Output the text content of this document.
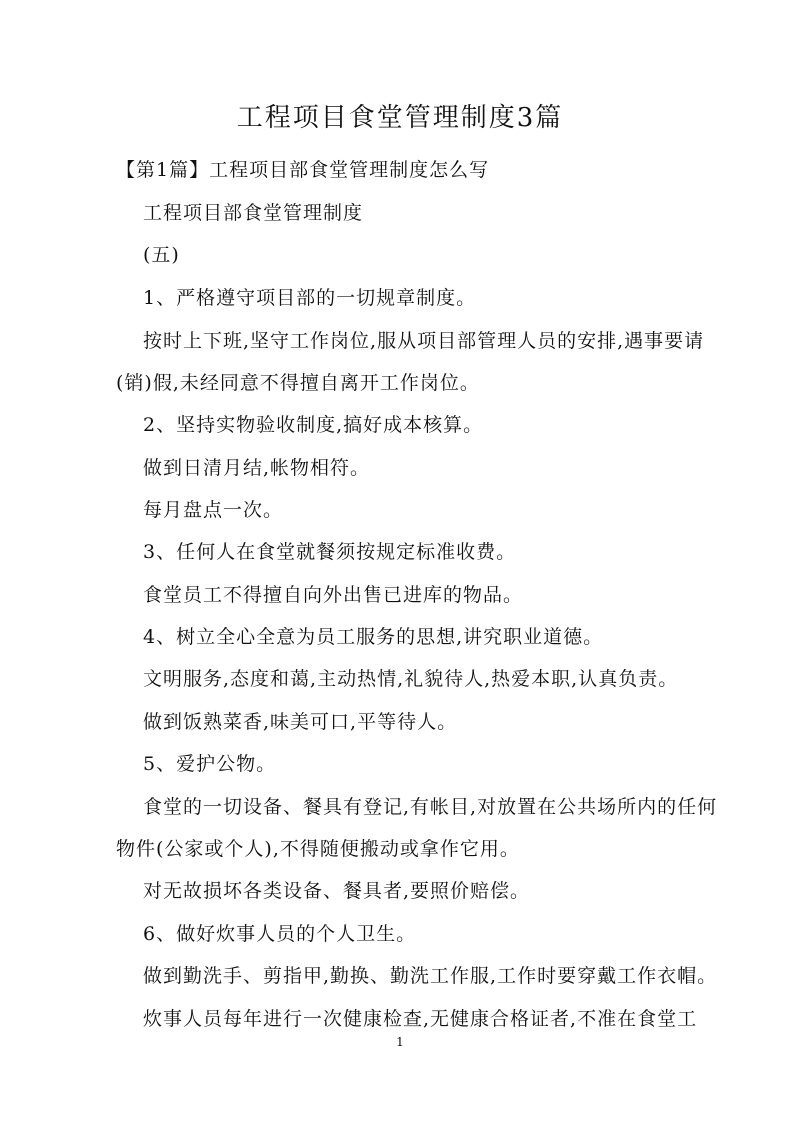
工程项目食堂管理制度3篇
【第1篇】工程项目部食堂管理制度怎么写
工程项目部食堂管理制度
(五)
1、严格遵守项目部的一切规章制度。
按时上下班,坚守工作岗位,服从项目部管理人员的安排,遇事要请
(销)假,未经同意不得擅自离开工作岗位。
2、坚持实物验收制度,搞好成本核算。
做到日清月结,帐物相符。
每月盘点一次。
3、任何人在食堂就餐须按规定标准收费。
食堂员工不得擅自向外出售已进库的物品。
4、树立全心全意为员工服务的思想,讲究职业道德。
文明服务,态度和蔼,主动热情,礼貌待人,热爱本职,认真负责。
做到饭熟菜香,味美可口,平等待人。
5、爱护公物。
食堂的一切设备、餐具有登记,有帐目,对放置在公共场所内的任何
物件(公家或个人),不得随便搬动或拿作它用。
对无故损坏各类设备、餐具者,要照价赔偿。
6、做好炊事人员的个人卫生。
做到勤洗手、剪指甲,勤换、勤洗工作服,工作时要穿戴工作衣帽。
炊事人员每年进行一次健康检查,无健康合格证者,不准在食堂工
1
